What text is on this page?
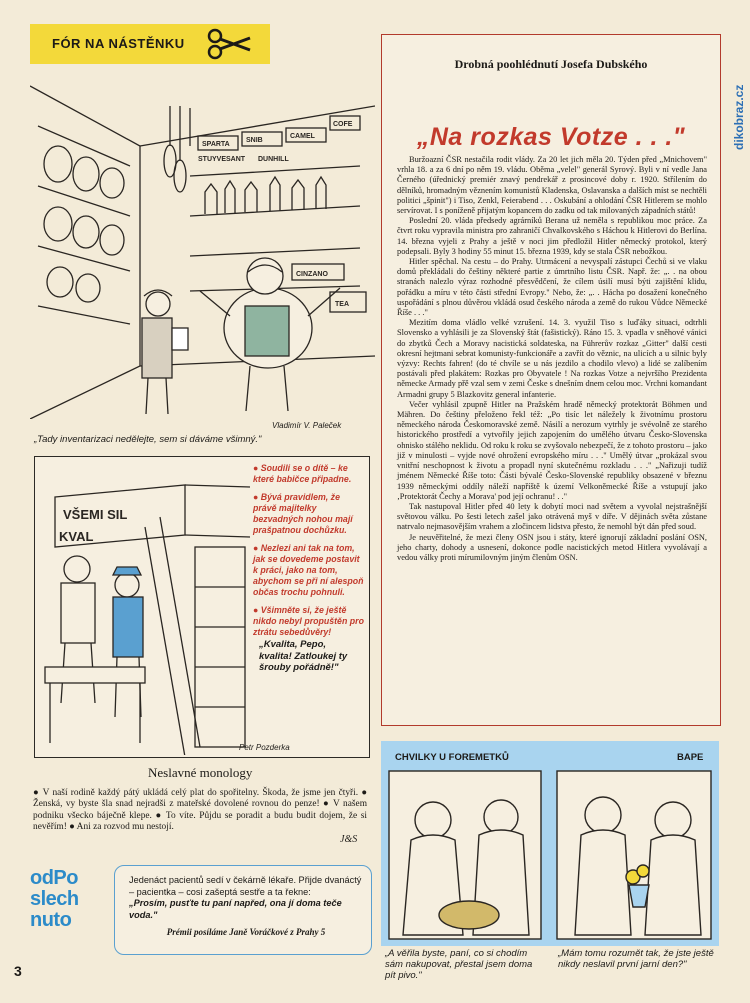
FÓR NA NÁSTĚNKU
SPARTA
SNIB
CAMEL
STUYVESANT DUNHILL
CINZANO
TEA
COFE
Vladimír V. Paleček
„Tady inventarizaci nedělejte, sem si dáváme všimný."
Drobná poohlédnutí Josefa Dubského
„Na rozkas Votze . . ."

Buržoazní ČSR nestačila rodit vlády. Za 20 let jich měla 20. Týden před „Mnichovem" vrhla 18. a za 6 dní po něm 19. vládu. Oběma „velel" generál Syrový. Byli v ní vedle Jana Černého (úřednický premiér znavý pendrekář z prosincové doby r. 1920. Střílením do dělníků, hromadným věznením komunistů Kladenska, Oslavanska a dalších míst se nechtěli politici „špinit") i Tiso, Zenkl, Feierabend . . . Oskubání a ohlodání ČSR Hitlerem se mohlo servírovat. I s poníženě přijatým kopancem do zadku od tak milovaných západních států!

Poslední 20. vláda předsedy agrárníků Berana už neměla s republikou moc práce. Za čtvrt roku vypravila ministra pro zahraničí Chvalkovského s Háchou k Hitlerovi do Berlína. 14. března vyjeli z Prahy a ještě v noci jim předložil Hitler německý protokol, který podepsali. Byly 3 hodiny 55 minut 15. března 1939, kdy se stala ČSR nebožkou.

Hitler spěchal. Na cestu – do Prahy. Utrmácení a nevyspalí zástupci Čechů si ve vlaku domů překládali do češtiny některé partie z úmrtního listu ČSR. Např. že: „. . na obou stranách nalezlo výraz rozhodné přesvědčení, že cílem úsilí musí býti zajištění klidu, pořádku a míru v této části střední Evropy." Nebo, že: „. . Hácha po dosažení konečného uspořádání s plnou důvěrou vkládá osud českého národa a země do rukou Vůdce Německé Říše . . ."

Mezitím doma vládlo velké vzrušení. 14. 3. využil Tiso s luďáky situaci, odtrhli Slovensko a vyhlásili je za Slovenský štát (fašistický). Ráno 15. 3. vpadla v sněhové vánici do zbytků Čech a Moravy nacistická soldateska, na Führerův rozkaz „Gitter" další cesti okresní hejtmani sebrat komunisty-funkcionáře a zavřít do věznic, na ulicích a u silnic byly výzvy: Rechts fahren! (do té chvíle se u nás jezdilo a chodilo vlevo) a lidé se zalíbením postávali před plakátem: Rozkas pro Obyvatele ! Na rozkas Votze a nejvršího Prezidenta německe Armady přě vzal sem v zemi Česke s dnešním dnem celou moc. Vrchni komandant Armadni grupy 5 Blazkovitz general infanterie.

Večer vyhlásil zpupně Hitler na Pražském hradě německý protektorát Böhmen und Mähren. Do češtiny přeloženo řekl též: „Po tisíc let náležely k životnímu prostoru německého národa Českomoravské země. Násilí a nerozum vytrhly je svévolně ze starého historického prostředí a vytvořily jejich zapojením do umělého útvaru Česko-Slovenska ohnisko stálého neklidu. Od roku k roku se zvyšovalo nebezpečí, že z tohoto prostoru – jako již v minulosti – vyjde nové ohrožení evropského míru . . ." Umělý útvar „prokázal svou vnitřní neschopnost k životu a propadl nyní skutečnému rozkladu . . ." „Nařizuji tudíž jménem Německé Říše toto: Části bývalé Česko-Slovenské republiky obsazené v březnu 1939 německými oddíly náleží napříště k území Velkoněmecké Říše a vstupují jako ‚Protektorát Čechy a Morava' pod její ochranu! . ."

Tak nastupoval Hitler před 40 lety k dobytí moci nad světem a vyvolal nejstrašnější světovou válku. Po šesti letech zašel jako otrávená myš v díře. V dějinách světa zůstane natrvalo nejmasovějším vrahem a zločincem lidstva přesto, že nemohl být dán před soud.

Je neuvěřitelné, že mezi členy OSN jsou i státy, které ignorují základní poslání OSN, jeho charty, dohody a usnesení, dokonce podle nacistických metod Hitlera vyvolávají a vedou války proti mírumilovným jiným členům OSN.

VŠEMI SIL
KVAL

● Soudili se o dítě – ke které babičce připadne.

● Bývá pravidlem, že právě majitelky bezvadných nohou mají prašpatnou dochůzku.

● Nezlezi ani tak na tom, jak se dovedeme postavit k práci, jako na tom, abychom se při ní alespoň občas trochu pohnuli.

● Všimněte si, že ještě nikdo nebyl propuštěn pro ztrátu sebedůvěry!

„Kvalita, Pepo, kvalita! Zatloukej ty šrouby pořádně!"
Petr Pozderka
Neslavné monology
● V naší rodině každý pátý ukládá celý plat do spořitelny. Škoda, že jsme jen čtyři. ● Ženská, vy byste šla snad nejradši z mateřské dovolené rovnou do penze! ● V našem podniku všecko báječně klepe. ● To víte. Půjdu se poradit a budu budit dojem, že si nevěřím! ● Ani za rozvod mu nestojí.
J&S
odPo
slech
nuto
Jedenáct pacientů sedí v čekárně lékaře. Přijde dvanáctý – pacientka – cosi zašeptá sestře a ta řekne:
„Prosím, pusťte tu paní napřed, ona jí doma teče voda."
Prémii posíláme Janě Voráčkové z Prahy 5
3
CHVILKY U FOREMETKŮ	BAPE
„A věřila byste, paní, co si chodím sám nakupovat, přestal jsem doma pít pivo."
„Mám tomu rozumět tak, že jste ještě nikdy neslavil první jarní den?"
dikobraz.cz
